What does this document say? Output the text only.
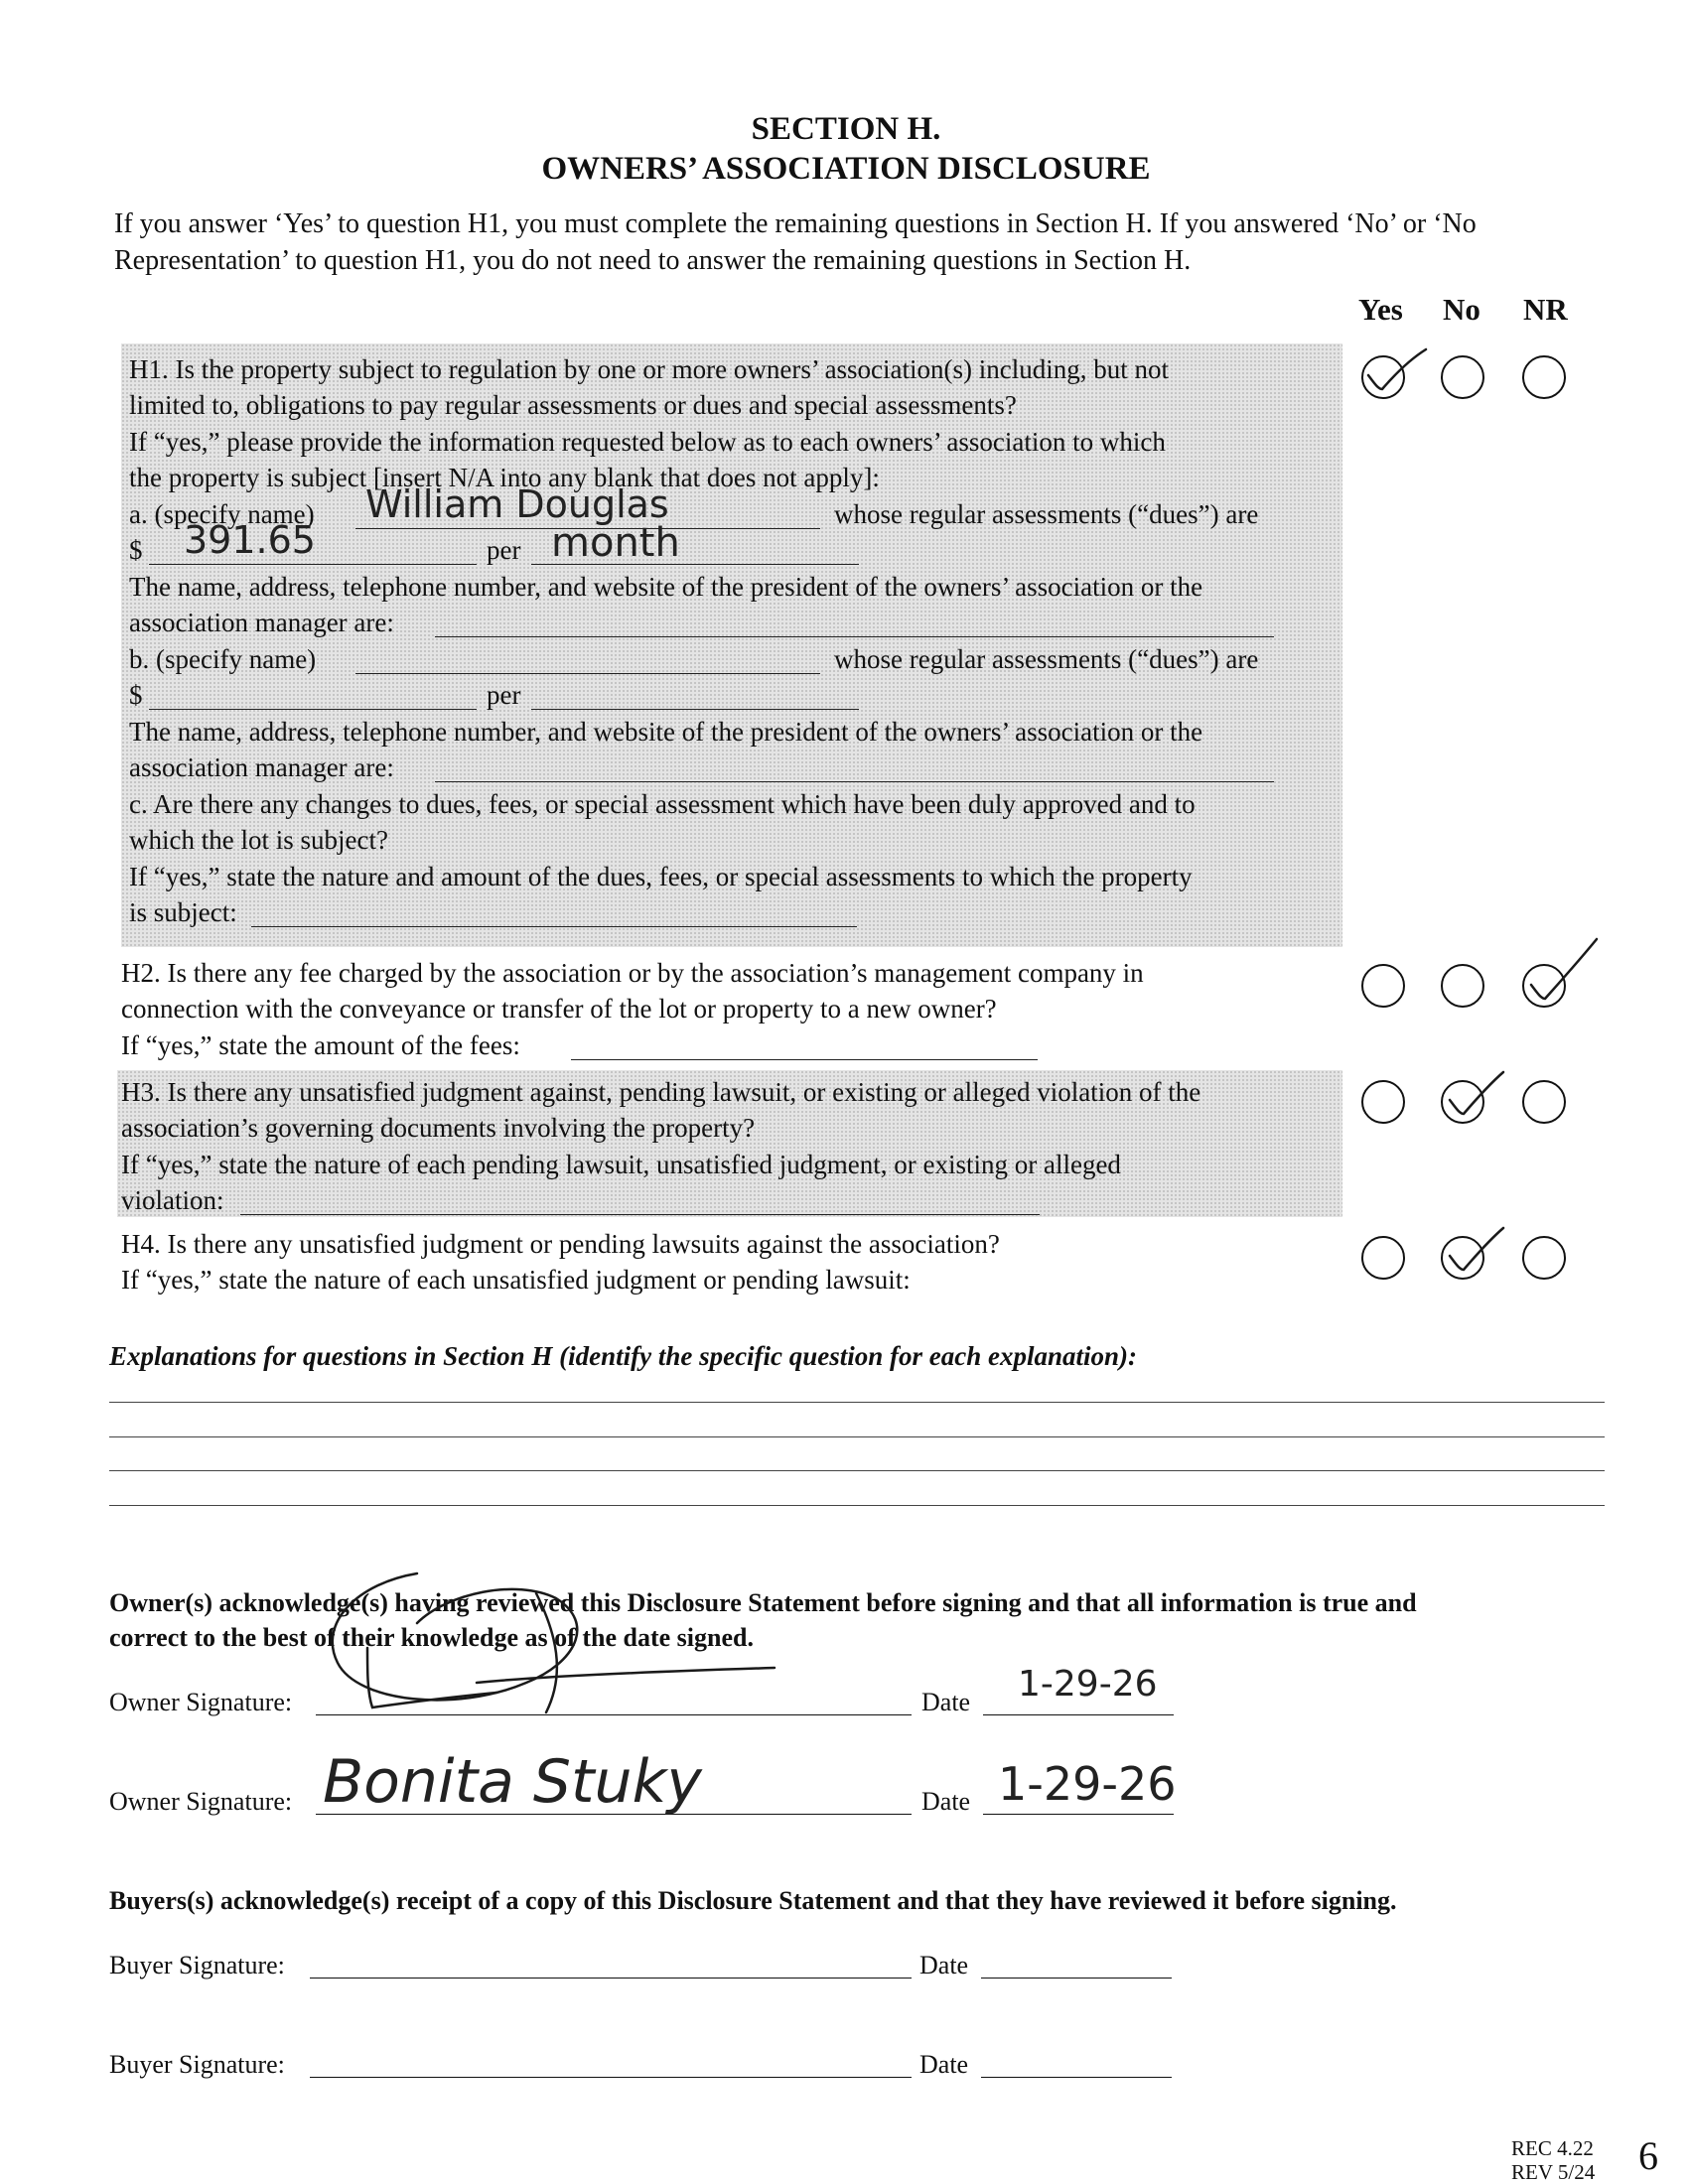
SECTION H.
OWNERS’ ASSOCIATION DISCLOSURE
If you answer ‘Yes’ to question H1, you must complete the remaining questions in Section H. If you answered ‘No’ or ‘No
Representation’ to question H1, you do not need to answer the remaining questions in Section H.
Yes No NR
H1. Is the property subject to regulation by one or more owners’ association(s) including, but not
limited to, obligations to pay regular assessments or dues and special assessments?
If “yes,” please provide the information requested below as to each owners’ association to which
the property is subject [insert N/A into any blank that does not apply]:
a. (specify name) William Douglas	whose regular assessments (“dues”) are
$ 391.65	per month
The name, address, telephone number, and website of the president of the owners’ association or the
association manager are:
b. (specify name)	whose regular assessments (“dues”) are
$	per
The name, address, telephone number, and website of the president of the owners’ association or the
association manager are:
c. Are there any changes to dues, fees, or special assessment which have been duly approved and to
which the lot is subject?
If “yes,” state the nature and amount of the dues, fees, or special assessments to which the property
is subject:
H2. Is there any fee charged by the association or by the association’s management company in
connection with the conveyance or transfer of the lot or property to a new owner?
If “yes,” state the amount of the fees:
H3. Is there any unsatisfied judgment against, pending lawsuit, or existing or alleged violation of the
association’s governing documents involving the property?
If “yes,” state the nature of each pending lawsuit, unsatisfied judgment, or existing or alleged
violation:
H4. Is there any unsatisfied judgment or pending lawsuits against the association?
If “yes,” state the nature of each unsatisfied judgment or pending lawsuit:
Explanations for questions in Section H (identify the specific question for each explanation):
Owner(s) acknowledge(s) having reviewed this Disclosure Statement before signing and that all information is true and
correct to the best of their knowledge as of the date signed.
Owner Signature:	Date 1-29-26
Owner Signature: Bonita Stuky	Date 1-29-26
Buyers(s) acknowledge(s) receipt of a copy of this Disclosure Statement and that they have reviewed it before signing.
Buyer Signature:	Date
Buyer Signature:	Date
REC 4.22
REV 5/24 6
